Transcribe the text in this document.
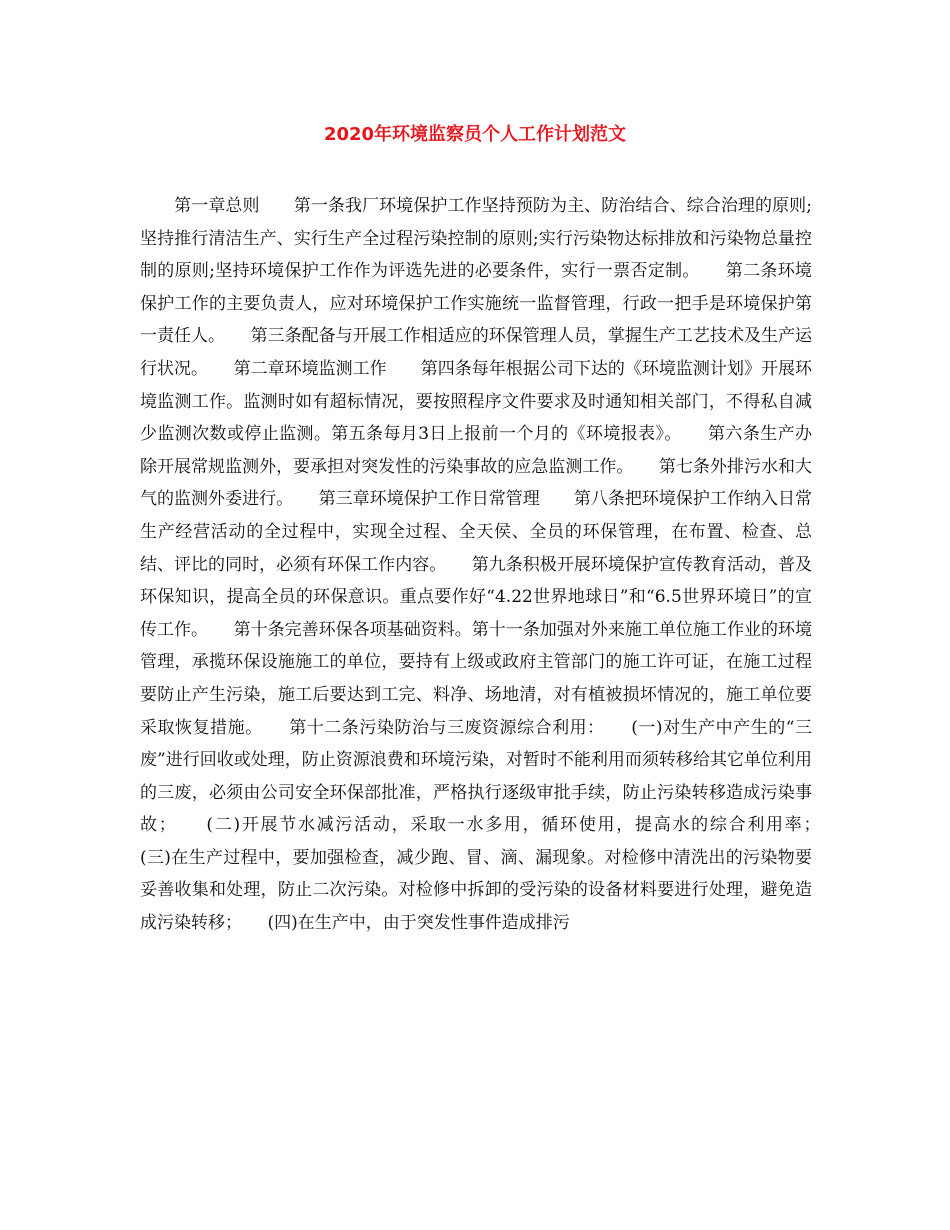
2020年环境监察员个人工作计划范文

　　第一章总则　　第一条我厂环境保护工作坚持预防为主、防治结合、综合治理的原则;坚持推行清洁生产、实行生产全过程污染控制的原则;实行污染物达标排放和污染物总量控制的原则;坚持环境保护工作作为评选先进的必要条件，实行一票否定制。　　第二条环境保护工作的主要负责人，应对环境保护工作实施统一监督管理，行政一把手是环境保护第一责任人。　　第三条配备与开展工作相适应的环保管理人员，掌握生产工艺技术及生产运行状况。　　第二章环境监测工作　　第四条每年根据公司下达的《环境监测计划》开展环境监测工作。监测时如有超标情况，要按照程序文件要求及时通知相关部门，不得私自减少监测次数或停止监测。第五条每月3日上报前一个月的《环境报表》。　　第六条生产办除开展常规监测外，要承担对突发性的污染事故的应急监测工作。　　第七条外排污水和大气的监测外委进行。　　第三章环境保护工作日常管理　　第八条把环境保护工作纳入日常生产经营活动的全过程中，实现全过程、全天侯、全员的环保管理，在布置、检查、总结、评比的同时，必须有环保工作内容。　　第九条积极开展环境保护宣传教育活动，普及环保知识，提高全员的环保意识。重点要作好“4.22世界地球日”和“6.5世界环境日”的宣传工作。　　第十条完善环保各项基础资料。第十一条加强对外来施工单位施工作业的环境管理，承揽环保设施施工的单位，要持有上级或政府主管部门的施工许可证，在施工过程要防止产生污染，施工后要达到工完、料净、场地清，对有植被损坏情况的，施工单位要采取恢复措施。　　第十二条污染防治与三废资源综合利用：　　(一)对生产中产生的“三废”进行回收或处理，防止资源浪费和环境污染，对暂时不能利用而须转移给其它单位利用的三废，必须由公司安全环保部批准，严格执行逐级审批手续，防止污染转移造成污染事故；　　(二)开展节水减污活动，采取一水多用，循环使用，提高水的综合利用率；　　(三)在生产过程中，要加强检查，减少跑、冒、滴、漏现象。对检修中清洗出的污染物要妥善收集和处理，防止二次污染。对检修中拆卸的受污染的设备材料要进行处理，避免造成污染转移；　　(四)在生产中，由于突发性事件造成排污
